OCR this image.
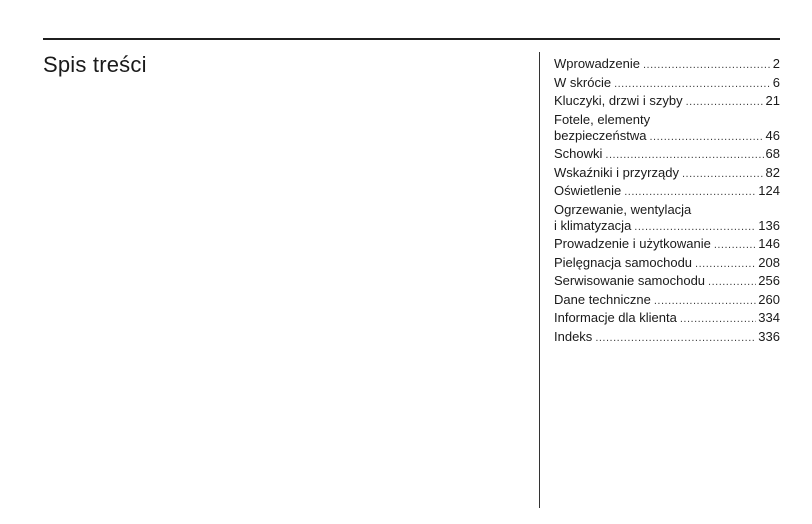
Spis treści	Wprowadzenie .....	2
W skrócie .....	6
Kluczyki, drzwi i szyby .....	21
Fotele, elementy
bezpieczeństwa .....	46
Schowki .....	68
Wskaźniki i przyrządy .....	82
Oświetlenie .....	124
Ogrzewanie, wentylacja
i klimatyzacja .....	136
Prowadzenie i użytkowanie .....	146
Pielęgnacja samochodu .....	208
Serwisowanie samochodu .....	256
Dane techniczne .....	260
Informacje dla klienta .....	334
Indeks .....	336
